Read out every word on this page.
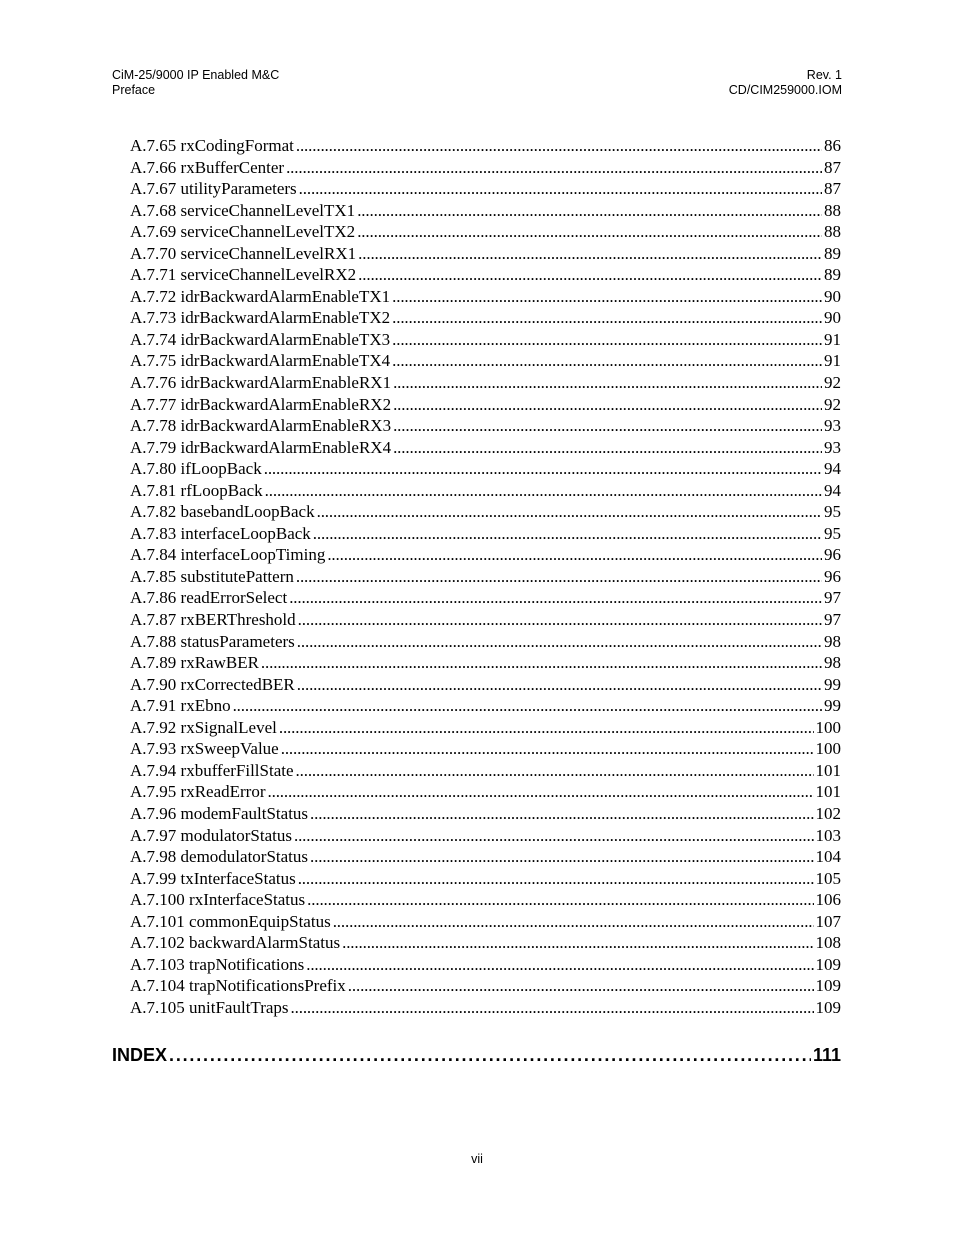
CiM-25/9000 IP Enabled M&C
Preface
Rev. 1
CD/CIM259000.IOM
A.7.65 rxCodingFormat . . .	86
A.7.66 rxBufferCenter . . .	87
A.7.67 utilityParameters . . .	87
A.7.68 serviceChannelLevelTX1 . . .	88
A.7.69 serviceChannelLevelTX2 . . .	88
A.7.70 serviceChannelLevelRX1 . . .	89
A.7.71 serviceChannelLevelRX2 . . .	89
A.7.72 idrBackwardAlarmEnableTX1 . . .	90
A.7.73 idrBackwardAlarmEnableTX2 . . .	90
A.7.74 idrBackwardAlarmEnableTX3 . . .	91
A.7.75 idrBackwardAlarmEnableTX4 . . .	91
A.7.76 idrBackwardAlarmEnableRX1 . . .	92
A.7.77 idrBackwardAlarmEnableRX2 . . .	92
A.7.78 idrBackwardAlarmEnableRX3 . . .	93
A.7.79 idrBackwardAlarmEnableRX4 . . .	93
A.7.80 ifLoopBack . . .	94
A.7.81 rfLoopBack . . .	94
A.7.82 basebandLoopBack . . .	95
A.7.83 interfaceLoopBack . . .	95
A.7.84 interfaceLoopTiming . . .	96
A.7.85 substitutePattern . . .	96
A.7.86 readErrorSelect . . .	97
A.7.87 rxBERThreshold . . .	97
A.7.88 statusParameters . . .	98
A.7.89 rxRawBER . . .	98
A.7.90 rxCorrectedBER . . .	99
A.7.91 rxEbno . . .	99
A.7.92 rxSignalLevel . . .	100
A.7.93 rxSweepValue . . .	100
A.7.94 rxbufferFillState . . .	101
A.7.95 rxReadError . . .	101
A.7.96 modemFaultStatus . . .	102
A.7.97 modulatorStatus . . .	103
A.7.98 demodulatorStatus . . .	104
A.7.99 txInterfaceStatus . . .	105
A.7.100 rxInterfaceStatus . . .	106
A.7.101 commonEquipStatus . . .	107
A.7.102 backwardAlarmStatus . . .	108
A.7.103 trapNotifications . . .	109
A.7.104 trapNotificationsPrefix . . .	109
A.7.105 unitFaultTraps . . .	109
INDEX . . .	111
vii
